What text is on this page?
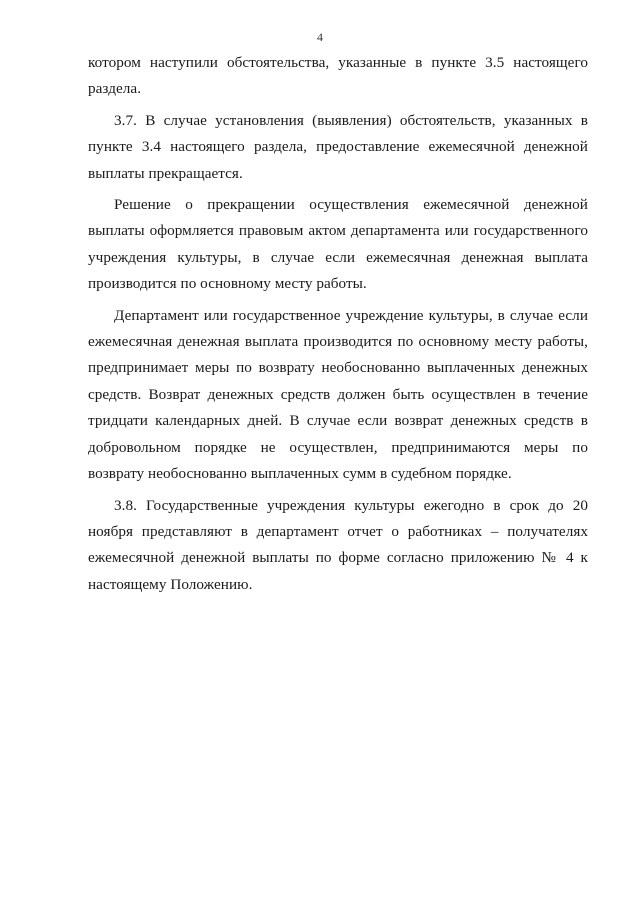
4

котором наступили обстоятельства, указанные в пункте 3.5 настоящего раздела.

3.7. В случае установления (выявления) обстоятельств, указанных в пункте 3.4 настоящего раздела, предоставление ежемесячной денежной выплаты прекращается.

Решение о прекращении осуществления ежемесячной денежной выплаты оформляется правовым актом департамента или государственного учреждения культуры, в случае если ежемесячная денежная выплата производится по основному месту работы.

Департамент или государственное учреждение культуры, в случае если ежемесячная денежная выплата производится по основному месту работы, предпринимает меры по возврату необоснованно выплаченных денежных средств. Возврат денежных средств должен быть осуществлен в течение тридцати календарных дней. В случае если возврат денежных средств в добровольном порядке не осуществлен, предпринимаются меры по возврату необоснованно выплаченных сумм в судебном порядке.

3.8. Государственные учреждения культуры ежегодно в срок до 20 ноября представляют в департамент отчет о работниках – получателях ежемесячной денежной выплаты по форме согласно приложению № 4 к настоящему Положению.
